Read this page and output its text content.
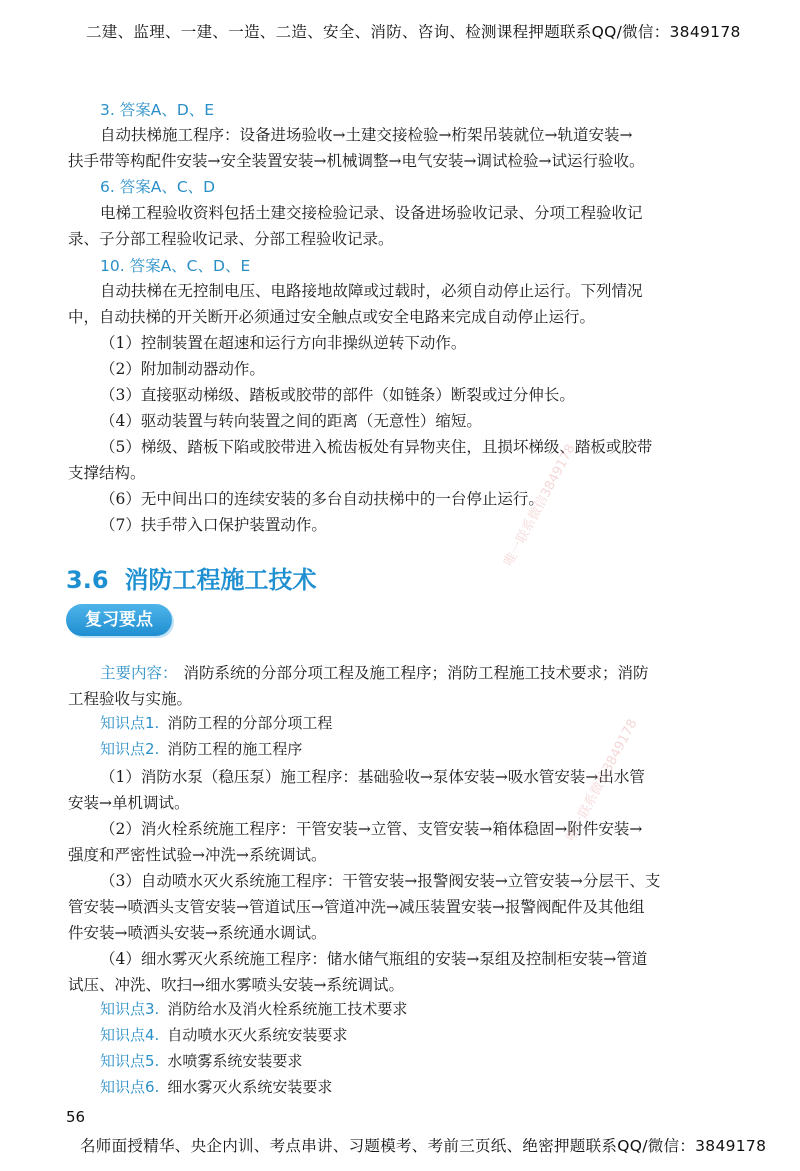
二建、监理、一建、一造、二造、安全、消防、咨询、检测课程押题联系QQ/微信：3849178
3. 答案A、D、E
自动扶梯施工程序：设备进场验收→土建交接检验→桁架吊装就位→轨道安装→
扶手带等构配件安装→安全装置安装→机械调整→电气安装→调试检验→试运行验收。
6. 答案A、C、D
电梯工程验收资料包括土建交接检验记录、设备进场验收记录、分项工程验收记
录、子分部工程验收记录、分部工程验收记录。
10. 答案A、C、D、E
自动扶梯在无控制电压、电路接地故障或过载时，必须自动停止运行。下列情况
中，自动扶梯的开关断开必须通过安全触点或安全电路来完成自动停止运行。
（1）控制装置在超速和运行方向非操纵逆转下动作。
（2）附加制动器动作。
（3）直接驱动梯级、踏板或胶带的部件（如链条）断裂或过分伸长。
（4）驱动装置与转向装置之间的距离（无意性）缩短。
（5）梯级、踏板下陷或胶带进入梳齿板处有异物夹住，且损坏梯级、踏板或胶带
支撑结构。
（6）无中间出口的连续安装的多台自动扶梯中的一台停止运行。
（7）扶手带入口保护装置动作。
3.6 消防工程施工技术
复习要点
主要内容： 消防系统的分部分项工程及施工程序；消防工程施工技术要求；消防
工程验收与实施。
知识点1. 消防工程的分部分项工程
知识点2. 消防工程的施工程序
（1）消防水泵（稳压泵）施工程序：基础验收→泵体安装→吸水管安装→出水管
安装→单机调试。
（2）消火栓系统施工程序：干管安装→立管、支管安装→箱体稳固→附件安装→
强度和严密性试验→冲洗→系统调试。
（3）自动喷水灭火系统施工程序：干管安装→报警阀安装→立管安装→分层干、支
管安装→喷洒头支管安装→管道试压→管道冲洗→减压装置安装→报警阀配件及其他组
件安装→喷洒头安装→系统通水调试。
（4）细水雾灭火系统施工程序：储水储气瓶组的安装→泵组及控制柜安装→管道
试压、冲洗、吹扫→细水雾喷头安装→系统调试。
知识点3. 消防给水及消火栓系统施工技术要求
知识点4. 自动喷水灭火系统安装要求
知识点5. 水喷雾系统安装要求
知识点6. 细水雾灭火系统安装要求
56
名师面授精华、央企内训、考点串讲、习题模考、考前三页纸、绝密押题联系QQ/微信：3849178
唯一联系微信3849178
唯一联系微信3849178
